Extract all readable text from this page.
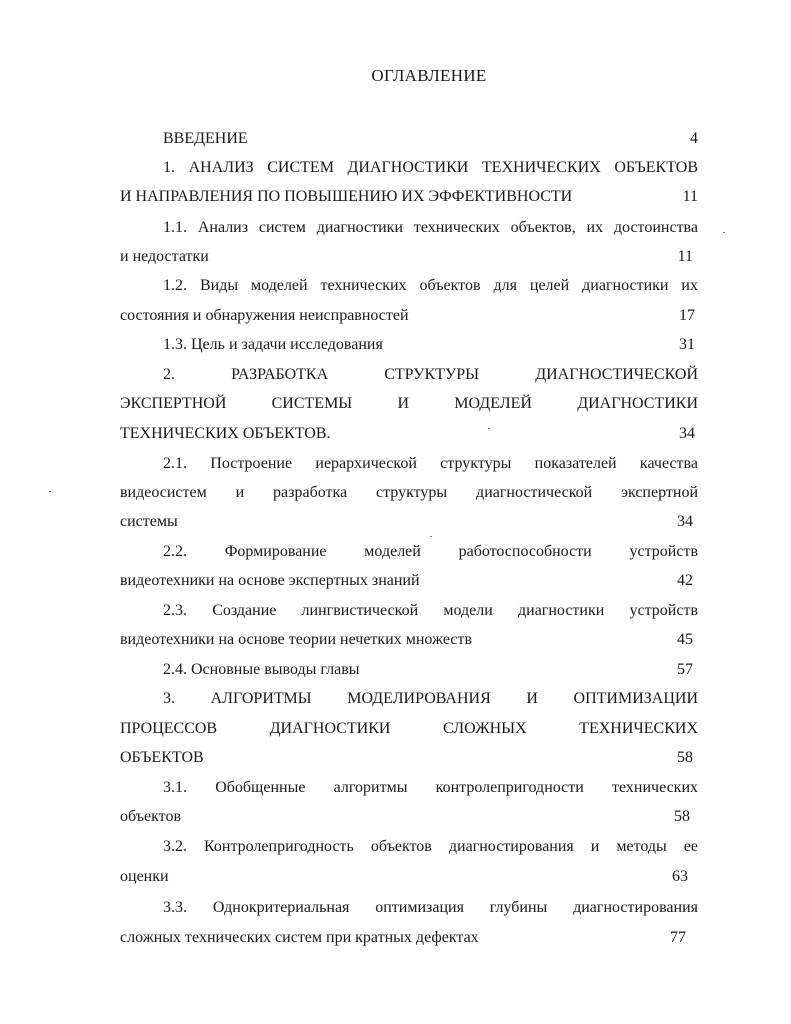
ОГЛАВЛЕНИЕ
ВВЕДЕНИЕ	4
1. АНАЛИЗ СИСТЕМ ДИАГНОСТИКИ ТЕХНИЧЕСКИХ ОБЪЕКТОВ
И НАПРАВЛЕНИЯ ПО ПОВЫШЕНИЮ ИХ ЭФФЕКТИВНОСТИ	11
1.1. Анализ систем диагностики технических объектов, их достоинства
и недостатки	11
1.2. Виды моделей технических объектов для целей диагностики их
состояния и обнаружения неисправностей	17
1.3. Цель и задачи исследования	31
2. РАЗРАБОТКА СТРУКТУРЫ ДИАГНОСТИЧЕСКОЙ
ЭКСПЕРТНОЙ СИСТЕМЫ И МОДЕЛЕЙ ДИАГНОСТИКИ
ТЕХНИЧЕСКИХ ОБЪЕКТОВ.	34
2.1. Построение иерархической структуры показателей качества
видеосистем и разработка структуры диагностической экспертной
системы	34
2.2. Формирование моделей работоспособности устройств
видеотехники на основе экспертных знаний	42
2.3. Создание лингвистической модели диагностики устройств
видеотехники на основе теории нечетких множеств	45
2.4. Основные выводы главы	57
3. АЛГОРИТМЫ МОДЕЛИРОВАНИЯ И ОПТИМИЗАЦИИ
ПРОЦЕССОВ ДИАГНОСТИКИ СЛОЖНЫХ ТЕХНИЧЕСКИХ
ОБЪЕКТОВ	58
3.1. Обобщенные алгоритмы контролепригодности технических
объектов	58
3.2. Контролепригодность объектов диагностирования и методы ее
оценки	63
3.3. Однокритериальная оптимизация глубины диагностирования
сложных технических систем при кратных дефектах	77
